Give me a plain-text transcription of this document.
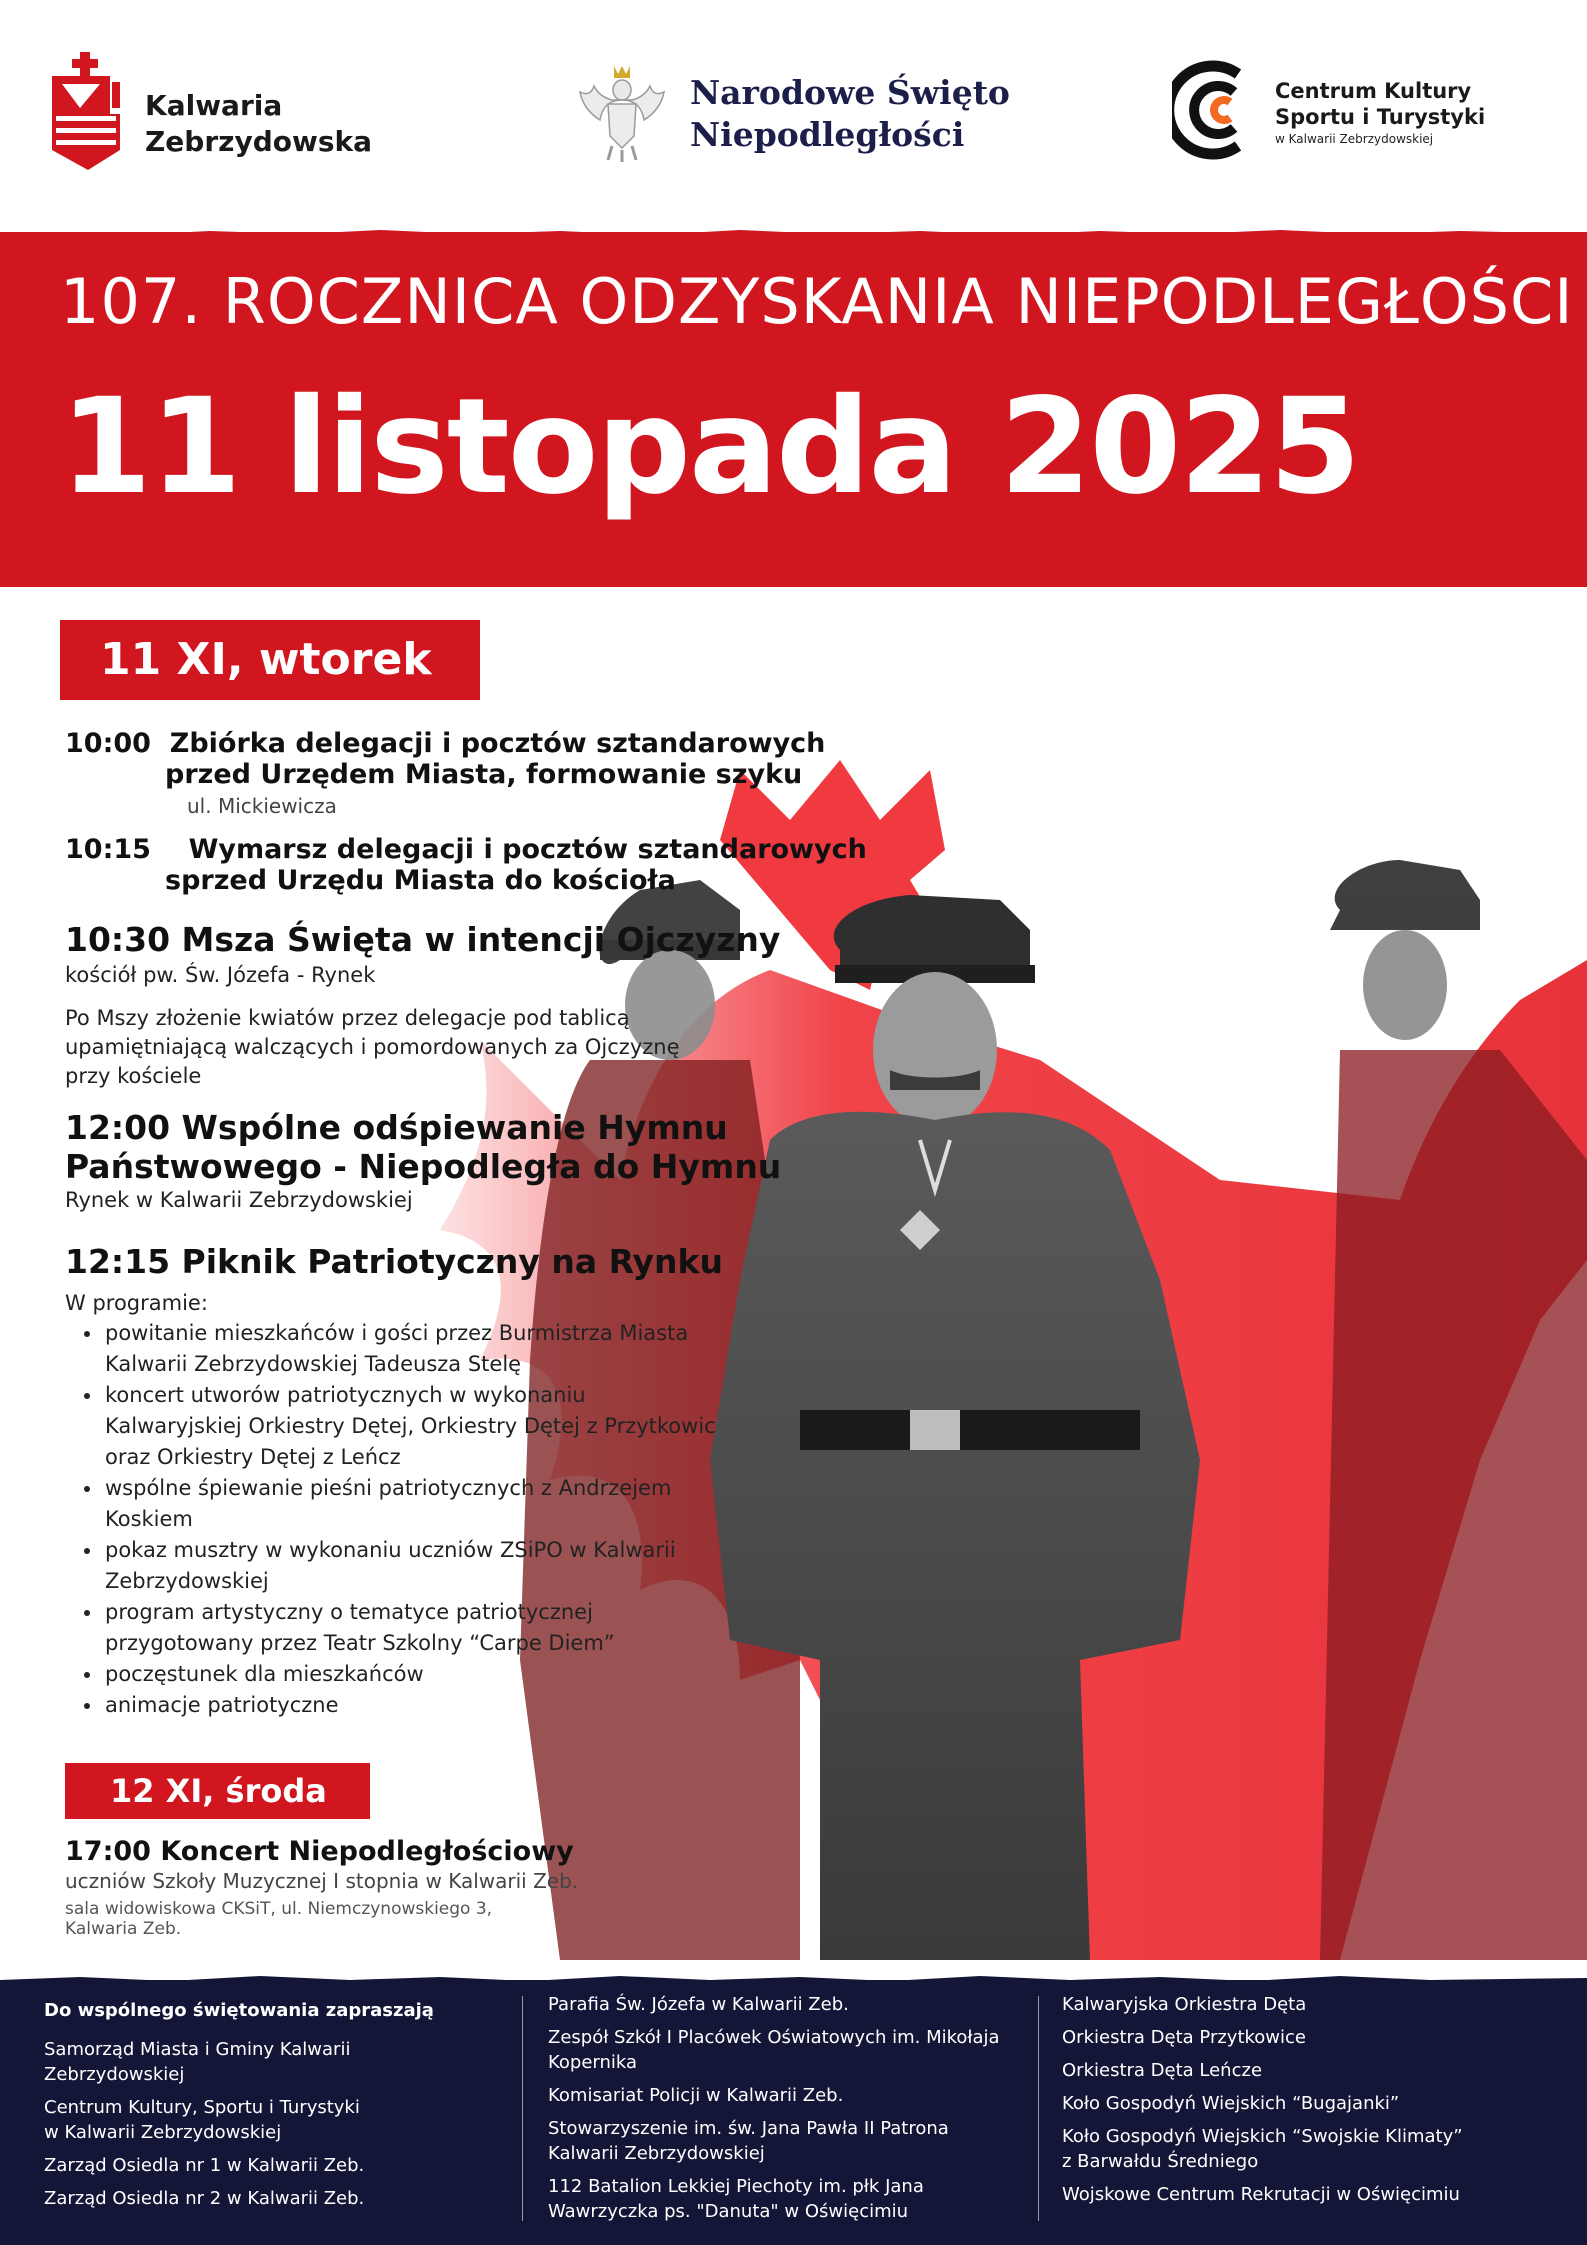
Kalwaria
Zebrzydowska
Narodowe Święto
Niepodległości
Centrum Kultury
Sportu i Turystyki
w Kalwarii Zebrzydowskiej
107. ROCZNICA ODZYSKANIA NIEPODLEGŁOŚCI
11 listopada 2025
11 XI, wtorek
10:00 Zbiórka delegacji i pocztów sztandarowych
przed Urzędem Miasta, formowanie szyku
ul. Mickiewicza
10:15 Wymarsz delegacji i pocztów sztandarowych
sprzed Urzędu Miasta do kościoła
10:30 Msza Święta w intencji Ojczyzny
kościół pw. Św. Józefa - Rynek
Po Mszy złożenie kwiatów przez delegacje pod tablicą
upamiętniającą walczących i pomordowanych za Ojczyznę
przy kościele
12:00 Wspólne odśpiewanie Hymnu
Państwowego - Niepodległa do Hymnu
Rynek w Kalwarii Zebrzydowskiej
12:15 Piknik Patriotyczny na Rynku
W programie:
• powitanie mieszkańców i gości przez Burmistrza Miasta
Kalwarii Zebrzydowskiej Tadeusza Stelę
• koncert utworów patriotycznych w wykonaniu
Kalwaryjskiej Orkiestry Dętej, Orkiestry Dętej z Przytkowic
oraz Orkiestry Dętej z Leńcz
• wspólne śpiewanie pieśni patriotycznych z Andrzejem
Koskiem
• pokaz musztry w wykonaniu uczniów ZSiPO w Kalwarii
Zebrzydowskiej
• program artystyczny o tematyce patriotycznej
przygotowany przez Teatr Szkolny “Carpe Diem”
• poczęstunek dla mieszkańców
• animacje patriotyczne
12 XI, środa
17:00 Koncert Niepodległościowy
uczniów Szkoły Muzycznej I stopnia w Kalwarii Zeb.
sala widowiskowa CKSiT, ul. Niemczynowskiego 3,
Kalwaria Zeb.

Do wspólnego świętowania zapraszają

Samorząd Miasta i Gminy Kalwarii
Zebrzydowskiej

Centrum Kultury, Sportu i Turystyki
w Kalwarii Zebrzydowskiej

Zarząd Osiedla nr 1 w Kalwarii Zeb.

Zarząd Osiedla nr 2 w Kalwarii Zeb.

Parafia Św. Józefa w Kalwarii Zeb.

Zespół Szkół I Placówek Oświatowych im. Mikołaja
Kopernika

Komisariat Policji w Kalwarii Zeb.

Stowarzyszenie im. św. Jana Pawła II Patrona
Kalwarii Zebrzydowskiej

112 Batalion Lekkiej Piechoty im. płk Jana
Wawrzyczka ps. "Danuta" w Oświęcimiu

Kalwaryjska Orkiestra Dęta

Orkiestra Dęta Przytkowice

Orkiestra Dęta Leńcze

Koło Gospodyń Wiejskich “Bugajanki”

Koło Gospodyń Wiejskich “Swojskie Klimaty”
z Barwałdu Średniego

Wojskowe Centrum Rekrutacji w Oświęcimiu
